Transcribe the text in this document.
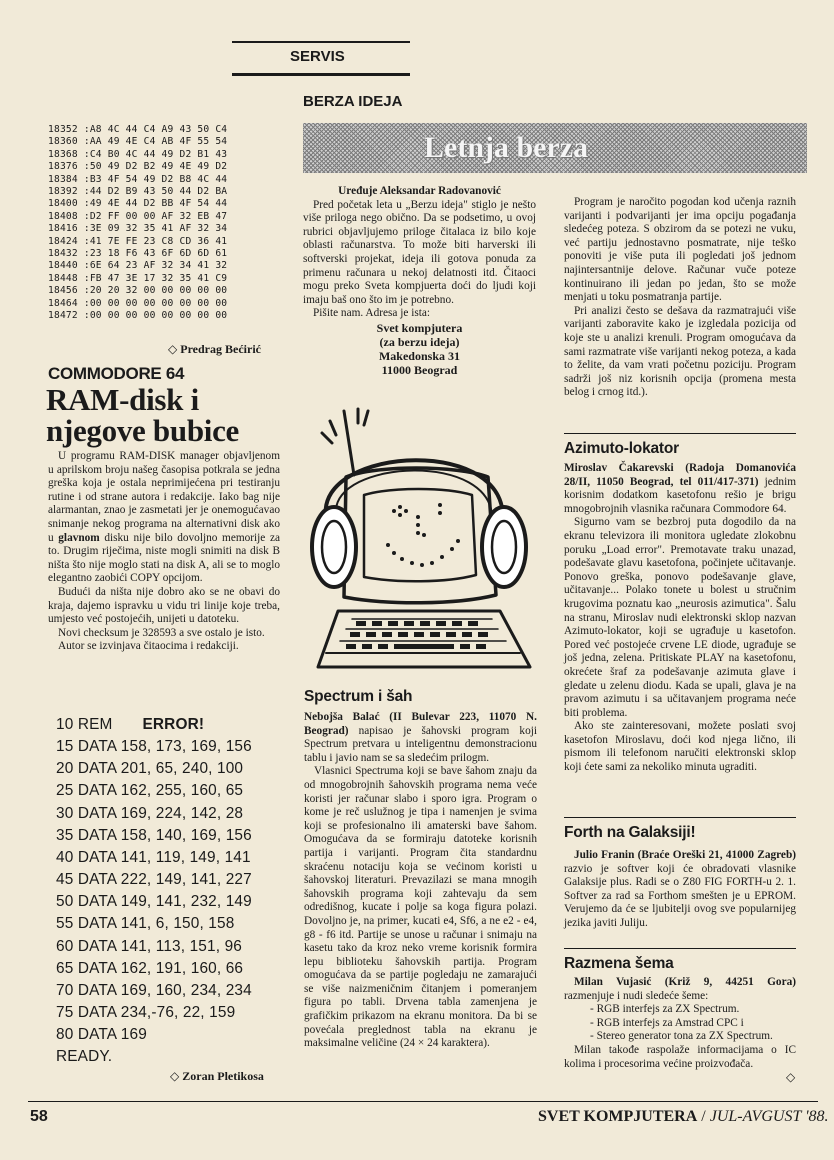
SERVIS
BERZA IDEJA
Letnja berza
18352 :A8 4C 44 C4 A9 43 50 C4
18360 :AA 49 4E C4 AB 4F 55 54
18368 :C4 B0 4C 44 49 D2 B1 43
18376 :50 49 D2 B2 49 4E 49 D2
18384 :B3 4F 54 49 D2 B8 4C 44
18392 :44 D2 B9 43 50 44 D2 BA
18400 :49 4E 44 D2 BB 4F 54 44
18408 :D2 FF 00 00 AF 32 EB 47
18416 :3E 09 32 35 41 AF 32 34
18424 :41 7E FE 23 C8 CD 36 41
18432 :23 18 F6 43 6F 6D 6D 61
18440 :6E 64 23 AF 32 34 41 32
18448 :FB 47 3E 17 32 35 41 C9
18456 :20 20 32 00 00 00 00 00
18464 :00 00 00 00 00 00 00 00
18472 :00 00 00 00 00 00 00 00
◇ Predrag Bećirić
COMMODORE 64
RAM-disk i
njegove bubice

U programu RAM-DISK manager objavljenom u aprilskom broju našeg časopisa potkrala se jedna greška koja je ostala neprimijećena pri testiranju rutine i od strane autora i redakcije. Iako bag nije alarmantan, znao je zasmetati jer je onemogućavao snimanje nekog programa na alternativni disk ako u glavnom disku nije bilo dovoljno memorije za to. Drugim riječima, niste mogli snimiti na disk B ništa što nije moglo stati na disk A, ali se to moglo elegantno zaobići COPY opcijom.

Budući da ništa nije dobro ako se ne obavi do kraja, dajemo ispravku u vidu tri linije koje treba, umjesto već postojećih, unijeti u datoteku.

Novi checksum je 328593 a sve ostalo je isto.

Autor se izvinjava čitaocima i redakciji.

10 REM ERROR!
15 DATA 158, 173, 169, 156
20 DATA 201, 65, 240, 100
25 DATA 162, 255, 160, 65
30 DATA 169, 224, 142, 28
35 DATA 158, 140, 169, 156
40 DATA 141, 119, 149, 141
45 DATA 222, 149, 141, 227
50 DATA 149, 141, 232, 149
55 DATA 141, 6, 150, 158
60 DATA 141, 113, 151, 96
65 DATA 162, 191, 160, 66
70 DATA 169, 160, 234, 234
75 DATA 234,-76, 22, 159
80 DATA 169
READY.
◇ Zoran Pletikosa
Uređuje Aleksandar Radovanović

Pred početak leta u „Berzu ideja" stiglo je nešto više priloga nego obično. Da se podsetimo, u ovoj rubrici objavljujemo priloge čitalaca iz bilo koje oblasti računarstva. To može biti harverski ili softverski projekat, ideja ili gotova ponuda za primenu računara u nekoj delatnosti itd. Čitaoci mogu preko Sveta kompjuerta doći do ljudi koji imaju baš ono što im je potrebno.

Pišite nam. Adresa je ista:

Svet kompjutera
(za berzu ideja)
Makedonska 31
11000 Beograd
Spectrum i šah

Nebojša Balać (II Bulevar 223, 11070 N. Beograd) napisao je šahovski program koji Spectrum pretvara u inteligentnu demonstracionu tablu i javio nam se sa sledećim prilogm.

Vlasnici Spectruma koji se bave šahom znaju da od mnogobrojnih šahovskih programa nema veće koristi jer računar slabo i sporo igra. Program o kome je reč uslužnog je tipa i namenjen je svima koji se profesionalno ili amaterski bave šahom. Omogućava da se formiraju datoteke korisnih partija i varijanti. Program čita standardnu skraćenu notaciju koja se većinom koristi u šahovskoj literaturi. Prevazilazi se mana mnogih šahovskih programa koji zahtevaju da sem odredišnog, kucate i polje sa koga figura polazi. Dovoljno je, na primer, kucati e4, Sf6, a ne e2 - e4, g8 - f6 itd. Partije se unose u računar i snimaju na kasetu tako da kroz neko vreme korisnik formira lepu biblioteku šahovskih partija. Program omogućava da se partije pogledaju ne zamarajući se više naizmeničnim čitanjem i pomeranjem figura po tabli. Drvena tabla zamenjena je grafičkim prikazom na ekranu monitora. Da bi se povećala preglednost tabla na ekranu je maksimalne veličine (24 × 24 karaktera).

Program je naročito pogodan kod učenja raznih varijanti i podvarijanti jer ima opciju pogađanja sledećeg poteza. S obzirom da se potezi ne vuku, već partiju jednostavno posmatrate, nije teško ponoviti je više puta ili pogledati još jednom najintersantnije delove. Računar vuče poteze kontinuirano ili jedan po jedan, što se može menjati u toku posmatranja partije.

Pri analizi često se dešava da razmatrajući više varijanti zaboravite kako je izgledala pozicija od koje ste u analizi krenuli. Program omogućava da sami razmatrate više varijanti nekog poteza, a kada to želite, da vam vrati početnu poziciju. Program sadrži još niz korisnih opcija (promena mesta belog i crnog itd.).

Azimuto-lokator

Miroslav Čakarevski (Radoja Domanovića 28/II, 11050 Beograd, tel 011/417-371) jednim korisnim dodatkom kasetofonu rešio je brigu mnogobrojnih vlasnika računara Commodore 64.

Sigurno vam se bezbroj puta dogodilo da na ekranu televizora ili monitora ugledate zlokobnu poruku „Load error". Premotavate traku unazad, podešavate glavu kasetofona, počinjete učitavanje. Ponovo greška, ponovo podešavanje glave, učitavanje... Polako tonete u bolest u stručnim krugovima poznatu kao „neurosis azimutica". Šalu na stranu, Miroslav nudi elektronski sklop nazvan Azimuto-lokator, koji se ugrađuje u kasetofon. Pored već postojeće crvene LE diode, ugrađuje se još jedna, zelena. Pritiskate PLAY na kasetofonu, okrećete šraf za podešavanje azimuta glave i gledate u zelenu diodu. Kada se upali, glava je na pravom azimutu i sa učitavanjem programa neće biti problema.

Ako ste zainteresovani, možete poslati svoj kasetofon Miroslavu, doći kod njega lično, ili pismom ili telefonom naručiti elektronski sklop koji ćete sami za nekoliko minuta ugraditi.

Forth na Galaksiji!

Julio Franin (Braće Oreški 21, 41000 Zagreb) razvio je softver koji će obradovati vlasnike Galaksije plus. Radi se o Z80 FIG FORTH-u 2. 1. Softver za rad sa Forthom smešten je u EPROM. Verujemo da će se ljubitelji ovog sve popularnijeg jezika javiti Juliju.

Razmena šema

Milan Vujasić (Križ 9, 44251 Gora) razmenjuje i nudi sledeće šeme:

- RGB interfejs za ZX Spectrum.
- RGB interfejs za Amstrad CPC i
- Stereo generator tona za ZX Spectrum.

Milan takođe raspolaže informacijama o IC kolima i procesorima većine proizvođača.

◇
58	SVET KOMPJUTERA / JUL-AVGUST '88.
